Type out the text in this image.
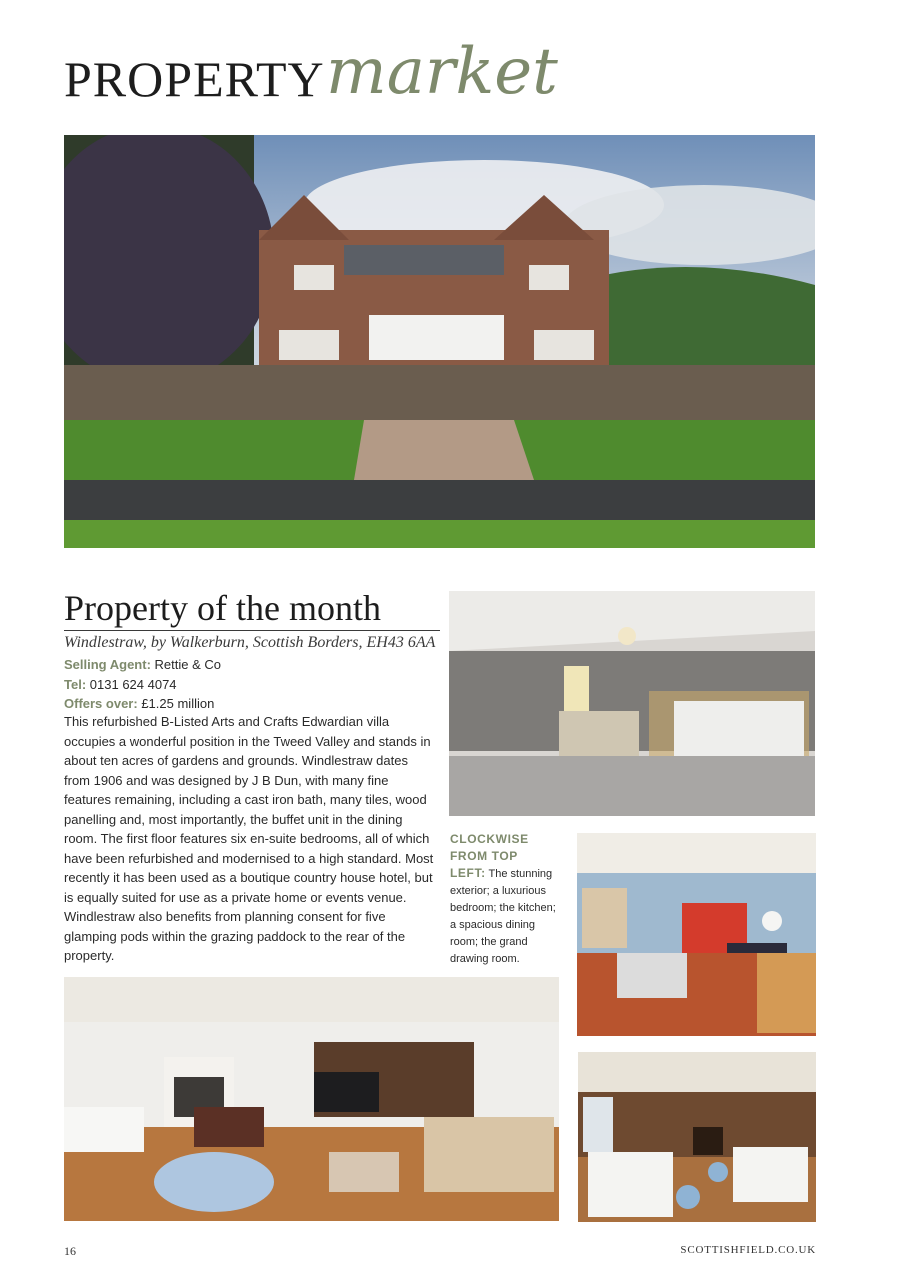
PROPERTY market
Property of the month
Windlestraw, by Walkerburn, Scottish Borders, EH43 6AA
Selling Agent: Rettie & Co
Tel: 0131 624 4074
Offers over: £1.25 million
This refurbished B-Listed Arts and Crafts Edwardian villa occupies a wonderful position in the Tweed Valley and stands in about ten acres of gardens and grounds. Windlestraw dates from 1906 and was designed by J B Dun, with many fine features remaining, including a cast iron bath, many tiles, wood panelling and, most importantly, the buffet unit in the dining room. The first floor features six en-suite bedrooms, all of which have been refurbished and modernised to a high standard. Most recently it has been used as a boutique country house hotel, but is equally suited for use as a private home or events venue. Windlestraw also benefits from planning consent for five glamping pods within the grazing paddock to the rear of the property.
CLOCKWISE
FROM TOP
LEFT: The stunning exterior; a luxurious bedroom; the kitchen; a spacious dining room; the grand drawing room.
16	SCOTTISHFIELD.CO.UK
